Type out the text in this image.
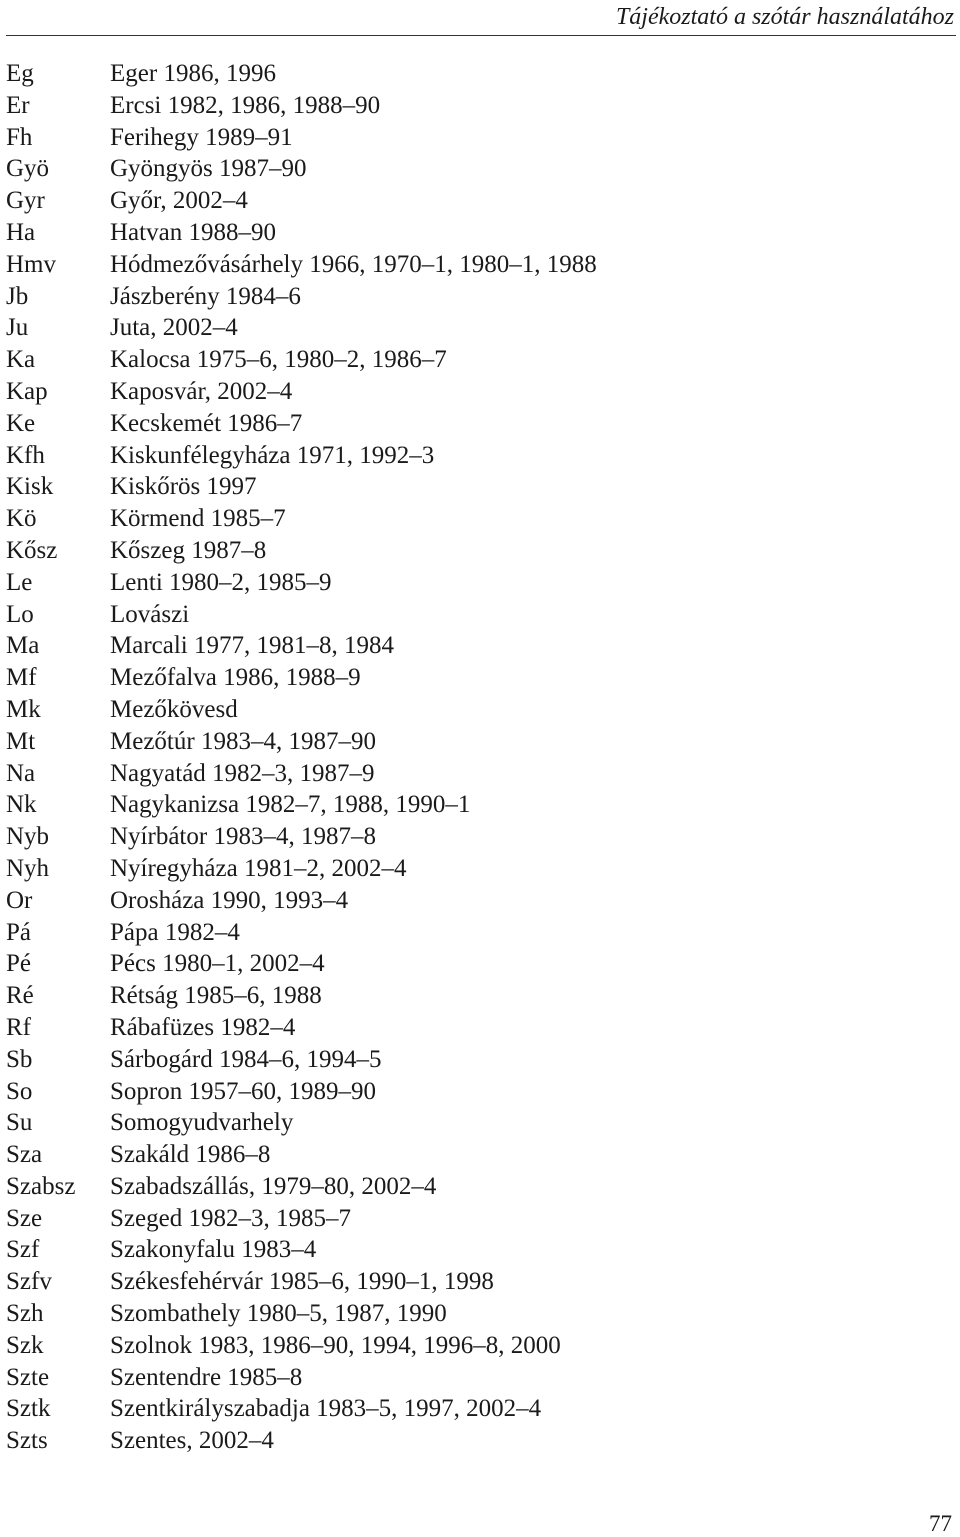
Tájékoztató a szótár használatához
Eg	Eger 1986, 1996
Er	Ercsi 1982, 1986, 1988–90
Fh	Ferihegy 1989–91
Gyö	Gyöngyös 1987–90
Gyr	Győr, 2002–4
Ha	Hatvan 1988–90
Hmv	Hódmezővásárhely 1966, 1970–1, 1980–1, 1988
Jb	Jászberény 1984–6
Ju	Juta, 2002–4
Ka	Kalocsa 1975–6, 1980–2, 1986–7
Kap	Kaposvár, 2002–4
Ke	Kecskemét 1986–7
Kfh	Kiskunfélegyháza 1971, 1992–3
Kisk	Kiskőrös 1997
Kö	Körmend 1985–7
Kősz	Kőszeg 1987–8
Le	Lenti 1980–2, 1985–9
Lo	Lovászi
Ma	Marcali 1977, 1981–8, 1984
Mf	Mezőfalva 1986, 1988–9
Mk	Mezőkövesd
Mt	Mezőtúr 1983–4, 1987–90
Na	Nagyatád 1982–3, 1987–9
Nk	Nagykanizsa 1982–7, 1988, 1990–1
Nyb	Nyírbátor 1983–4, 1987–8
Nyh	Nyíregyháza 1981–2, 2002–4
Or	Orosháza 1990, 1993–4
Pá	Pápa 1982–4
Pé	Pécs 1980–1, 2002–4
Ré	Rétság 1985–6, 1988
Rf	Rábafüzes 1982–4
Sb	Sárbogárd 1984–6, 1994–5
So	Sopron 1957–60, 1989–90
Su	Somogyudvarhely
Sza	Szakáld 1986–8
Szabsz	Szabadszállás, 1979–80, 2002–4
Sze	Szeged 1982–3, 1985–7
Szf	Szakonyfalu 1983–4
Szfv	Székesfehérvár 1985–6, 1990–1, 1998
Szh	Szombathely 1980–5, 1987, 1990
Szk	Szolnok 1983, 1986–90, 1994, 1996–8, 2000
Szte	Szentendre 1985–8
Sztk	Szentkirályszabadja 1983–5, 1997, 2002–4
Szts	Szentes, 2002–4
77
